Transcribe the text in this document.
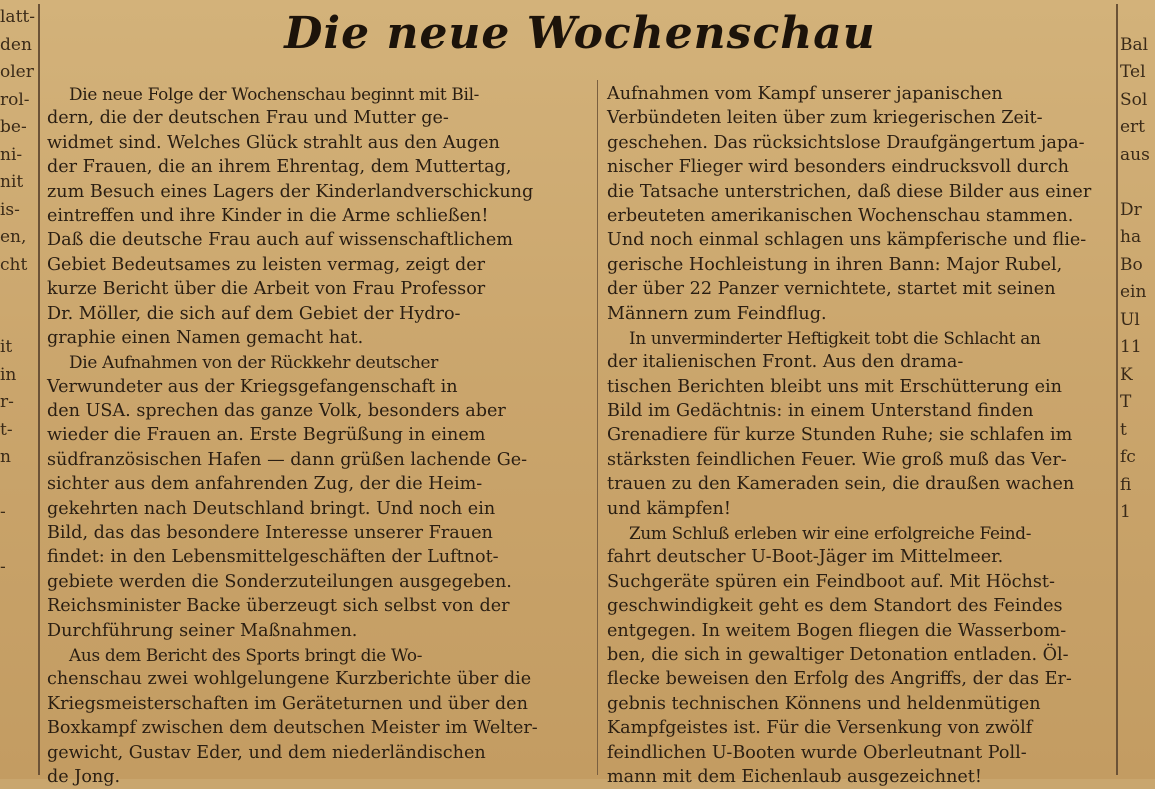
latt-
den
oler
rol-
be-
ni-
nit
is-
en,
cht
it
in
r-
t-
n
-
-
Die neue Wochenschau
Die neue Folge der Wochenschau beginnt mit Bil-
dern, die der deutschen Frau und Mutter ge-
widmet sind. Welches Glück strahlt aus den Augen
der Frauen, die an ihrem Ehrentag, dem Muttertag,
zum Besuch eines Lagers der Kinderlandverschickung
eintreffen und ihre Kinder in die Arme schließen!
Daß die deutsche Frau auch auf wissenschaftlichem
Gebiet Bedeutsames zu leisten vermag, zeigt der
kurze Bericht über die Arbeit von Frau Professor
Dr. Möller, die sich auf dem Gebiet der Hydro-
graphie einen Namen gemacht hat.
Die Aufnahmen von der Rückkehr deutscher
Verwundeter aus der Kriegsgefangenschaft in
den USA. sprechen das ganze Volk, besonders aber
wieder die Frauen an. Erste Begrüßung in einem
südfranzösischen Hafen — dann grüßen lachende Ge-
sichter aus dem anfahrenden Zug, der die Heim-
gekehrten nach Deutschland bringt. Und noch ein
Bild, das das besondere Interesse unserer Frauen
findet: in den Lebensmittelgeschäften der Luftnot-
gebiete werden die Sonderzuteilungen ausgegeben.
Reichsminister Backe überzeugt sich selbst von der
Durchführung seiner Maßnahmen.
Aus dem Bericht des Sports bringt die Wo-
chenschau zwei wohlgelungene Kurzberichte über die
Kriegsmeisterschaften im Geräteturnen und über den
Boxkampf zwischen dem deutschen Meister im Welter-
gewicht, Gustav Eder, und dem niederländischen
de Jong.
Aufnahmen vom Kampf unserer japanischen
Verbündeten leiten über zum kriegerischen Zeit-
geschehen. Das rücksichtslose Draufgängertum japa-
nischer Flieger wird besonders eindrucksvoll durch
die Tatsache unterstrichen, daß diese Bilder aus einer
erbeuteten amerikanischen Wochenschau stammen.
Und noch einmal schlagen uns kämpferische und flie-
gerische Hochleistung in ihren Bann: Major Rubel,
der über 22 Panzer vernichtete, startet mit seinen
Männern zum Feindflug.
In unverminderter Heftigkeit tobt die Schlacht an
der italienischen Front. Aus den drama-
tischen Berichten bleibt uns mit Erschütterung ein
Bild im Gedächtnis: in einem Unterstand finden
Grenadiere für kurze Stunden Ruhe; sie schlafen im
stärksten feindlichen Feuer. Wie groß muß das Ver-
trauen zu den Kameraden sein, die draußen wachen
und kämpfen!
Zum Schluß erleben wir eine erfolgreiche Feind-
fahrt deutscher U-Boot-Jäger im Mittelmeer.
Suchgeräte spüren ein Feindboot auf. Mit Höchst-
geschwindigkeit geht es dem Standort des Feindes
entgegen. In weitem Bogen fliegen die Wasserbom-
ben, die sich in gewaltiger Detonation entladen. Öl-
flecke beweisen den Erfolg des Angriffs, der das Er-
gebnis technischen Könnens und heldenmütigen
Kampfgeistes ist. Für die Versenkung von zwölf
feindlichen U-Booten wurde Oberleutnant Poll-
mann mit dem Eichenlaub ausgezeichnet!
Bal
Tel
Sol
ert
aus
Dr
ha
Bo
ein
Ul
11
K
T
t
fc
fi
1
